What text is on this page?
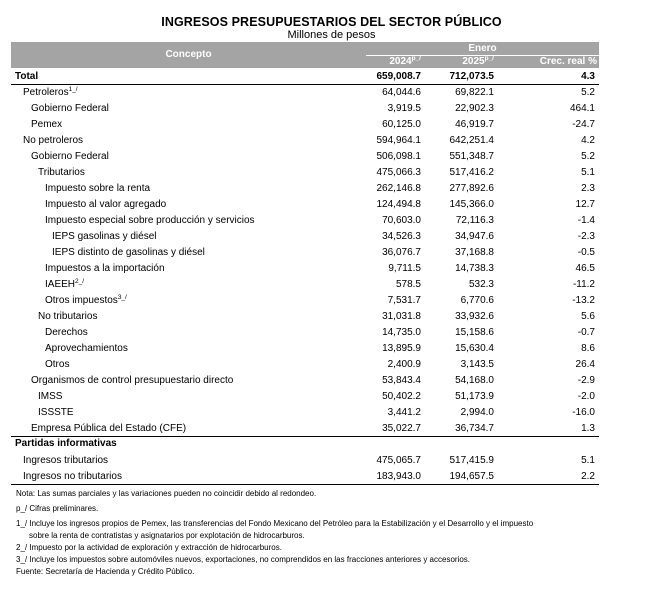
INGRESOS PRESUPUESTARIOS DEL SECTOR PÚBLICO
Millones de pesos
Concepto
Enero
$2024^{p\_/}$	$2025^{p\_/}$	Crec. real %
Total	659,008.7	712,073.5	4.3
Petroleros$^{1\_/}$	64,044.6	69,822.1	5.2
Gobierno Federal	3,919.5	22,902.3	464.1
Pemex	60,125.0	46,919.7	-24.7
No petroleros	594,964.1	642,251.4	4.2
Gobierno Federal	506,098.1	551,348.7	5.2
Tributarios	475,066.3	517,416.2	5.1
Impuesto sobre la renta	262,146.8	277,892.6	2.3
Impuesto al valor agregado	124,494.8	145,366.0	12.7
Impuesto especial sobre producción y servicios	70,603.0	72,116.3	-1.4
IEPS gasolinas y diésel	34,526.3	34,947.6	-2.3
IEPS distinto de gasolinas y diésel	36,076.7	37,168.8	-0.5
Impuestos a la importación	9,711.5	14,738.3	46.5
$IAEEH^{2\_/}$	578.5	532.3	-11.2
Otros impuestos$^{3\_/}$	7,531.7	6,770.6	-13.2
No tributarios	31,031.8	33,932.6	5.6
Derechos	14,735.0	15,158.6	-0.7
Aprovechamientos	13,895.9	15,630.4	8.6
Otros	2,400.9	3,143.5	26.4
Organismos de control presupuestario directo	53,843.4	54,168.0	-2.9
IMSS	50,402.2	51,173.9	-2.0
ISSSTE	3,441.2	2,994.0	-16.0
Empresa Pública del Estado (CFE)	35,022.7	36,734.7	1.3
Partidas informativas
Ingresos tributarios	475,065.7	517,415.9	5.1
Ingresos no tributarios	183,943.0	194,657.5	2.2
Nota: Las sumas parciales y las variaciones pueden no coincidir debido al redondeo.
p_/ Cifras preliminares.
1_/ Incluye los ingresos propios de Pemex, las transferencias del Fondo Mexicano del Petróleo para la Estabilización y el Desarrollo y el impuesto
sobre la renta de contratistas y asignatarios por explotación de hidrocarburos.
2_/ Impuesto por la actividad de exploración y extracción de hidrocarburos.
3_/ Incluye los impuestos sobre automóviles nuevos, exportaciones, no comprendidos en las fracciones anteriores y accesorios.
Fuente: Secretaría de Hacienda y Crédito Público.
